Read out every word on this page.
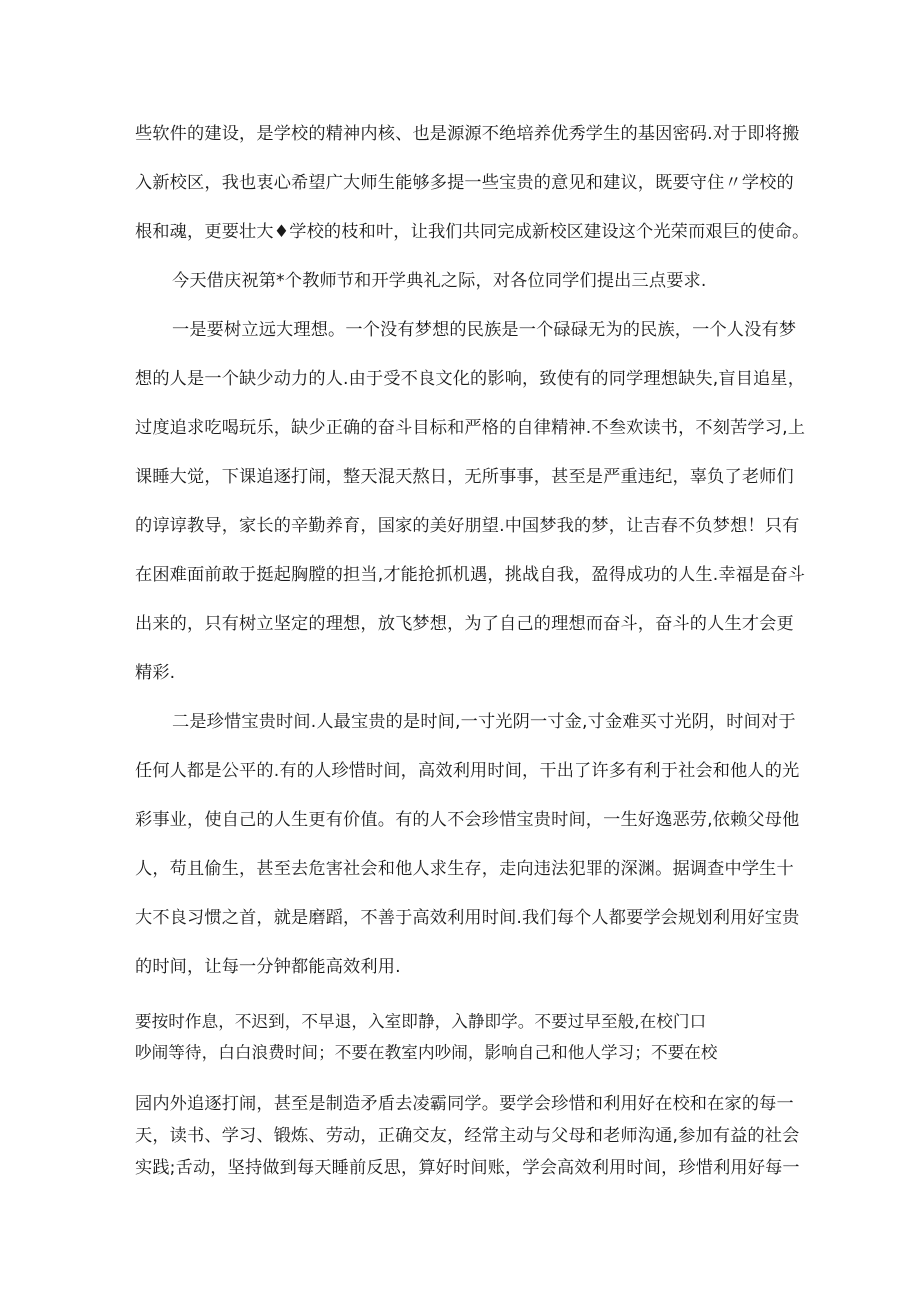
些软件的建设，是学校的精神内核、也是源源不绝培养优秀学生的基因密码.对于即将搬
入新校区，我也衷心希望广大师生能够多提一些宝贵的意见和建议，既要守住〃学校的
根和魂，更要壮大♦学校的枝和叶，让我们共同完成新校区建设这个光荣而艰巨的使命。
今天借庆祝第*个教师节和开学典礼之际，对各位同学们提出三点要求.
一是要树立远大理想。一个没有梦想的民族是一个碌碌无为的民族，一个人没有梦
想的人是一个缺少动力的人.由于受不良文化的影响，致使有的同学理想缺失,盲目追星，
过度追求吃喝玩乐，缺少正确的奋斗目标和严格的自律精神.不叁欢读书，不刻苦学习,上
课睡大觉，下课追逐打闹，整天混天熬日，无所事事，甚至是严重违纪，辜负了老师们
的谆谆教导，家长的辛勤养育，国家的美好朋望.中国梦我的梦，让吉春不负梦想！只有
在困难面前敢于挺起胸膛的担当,才能抢抓机遇，挑战自我，盈得成功的人生.幸福是奋斗
出来的，只有树立坚定的理想，放飞梦想，为了自己的理想而奋斗，奋斗的人生才会更
精彩.
二是珍惜宝贵时间.人最宝贵的是时间,一寸光阴一寸金,寸金难买寸光阴，时间对于
任何人都是公平的.有的人珍惜时间，高效利用时间，干出了许多有利于社会和他人的光
彩事业，使自己的人生更有价值。有的人不会珍惜宝贵时间，一生好逸恶劳,依赖父母他
人，苟且偷生，甚至去危害社会和他人求生存，走向违法犯罪的深渊。据调查中学生十
大不良习惯之首，就是磨蹈，不善于高效利用时间.我们每个人都要学会规划利用好宝贵
的时间，让每一分钟都能高效利用.
要按时作息，不迟到，不早退，入室即静，入静即学。不要过早至般,在校门口
吵闹等待，白白浪费时间；不要在教室内吵闹，影响自己和他人学习；不要在校
园内外追逐打闹，甚至是制造矛盾去凌霸同学。要学会珍惜和利用好在校和在家的每一
天，读书、学习、锻炼、劳动，正确交友，经常主动与父母和老师沟通,参加有益的社会
实践;舌动，坚持做到每天睡前反思，算好时间账，学会高效利用时间，珍惜利用好每一
